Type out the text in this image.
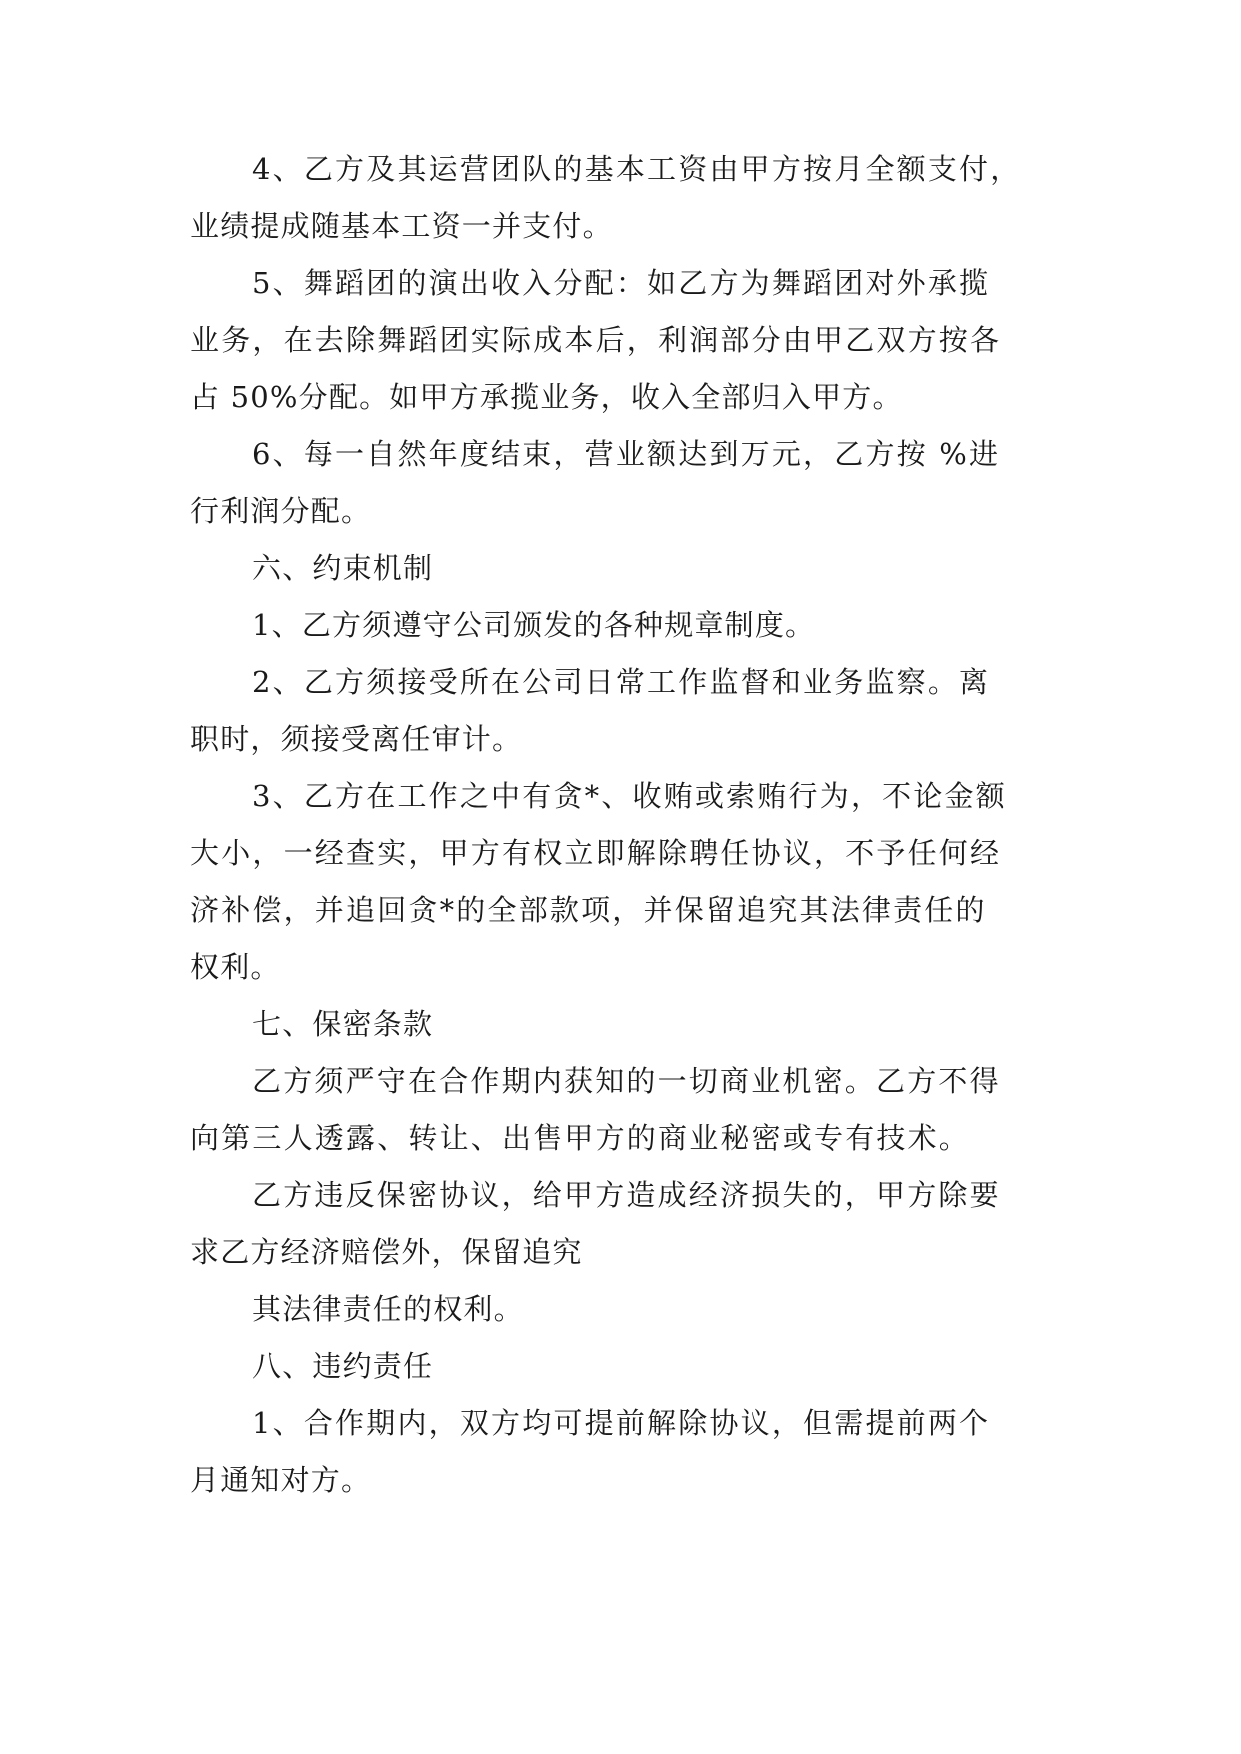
4、乙方及其运营团队的基本工资由甲方按月全额支付，
业绩提成随基本工资一并支付。
5、舞蹈团的演出收入分配：如乙方为舞蹈团对外承揽
业务，在去除舞蹈团实际成本后，利润部分由甲乙双方按各
占 50%分配。如甲方承揽业务，收入全部归入甲方。
6、每一自然年度结束，营业额达到万元，乙方按 %进
行利润分配。
六、约束机制
1、乙方须遵守公司颁发的各种规章制度。
2、乙方须接受所在公司日常工作监督和业务监察。离
职时，须接受离任审计。
3、乙方在工作之中有贪*、收贿或索贿行为，不论金额
大小，一经查实，甲方有权立即解除聘任协议，不予任何经
济补偿，并追回贪*的全部款项，并保留追究其法律责任的
权利。
七、保密条款
乙方须严守在合作期内获知的一切商业机密。乙方不得
向第三人透露、转让、出售甲方的商业秘密或专有技术。
乙方违反保密协议，给甲方造成经济损失的，甲方除要
求乙方经济赔偿外，保留追究
其法律责任的权利。
八、违约责任
1、合作期内，双方均可提前解除协议，但需提前两个
月通知对方。
